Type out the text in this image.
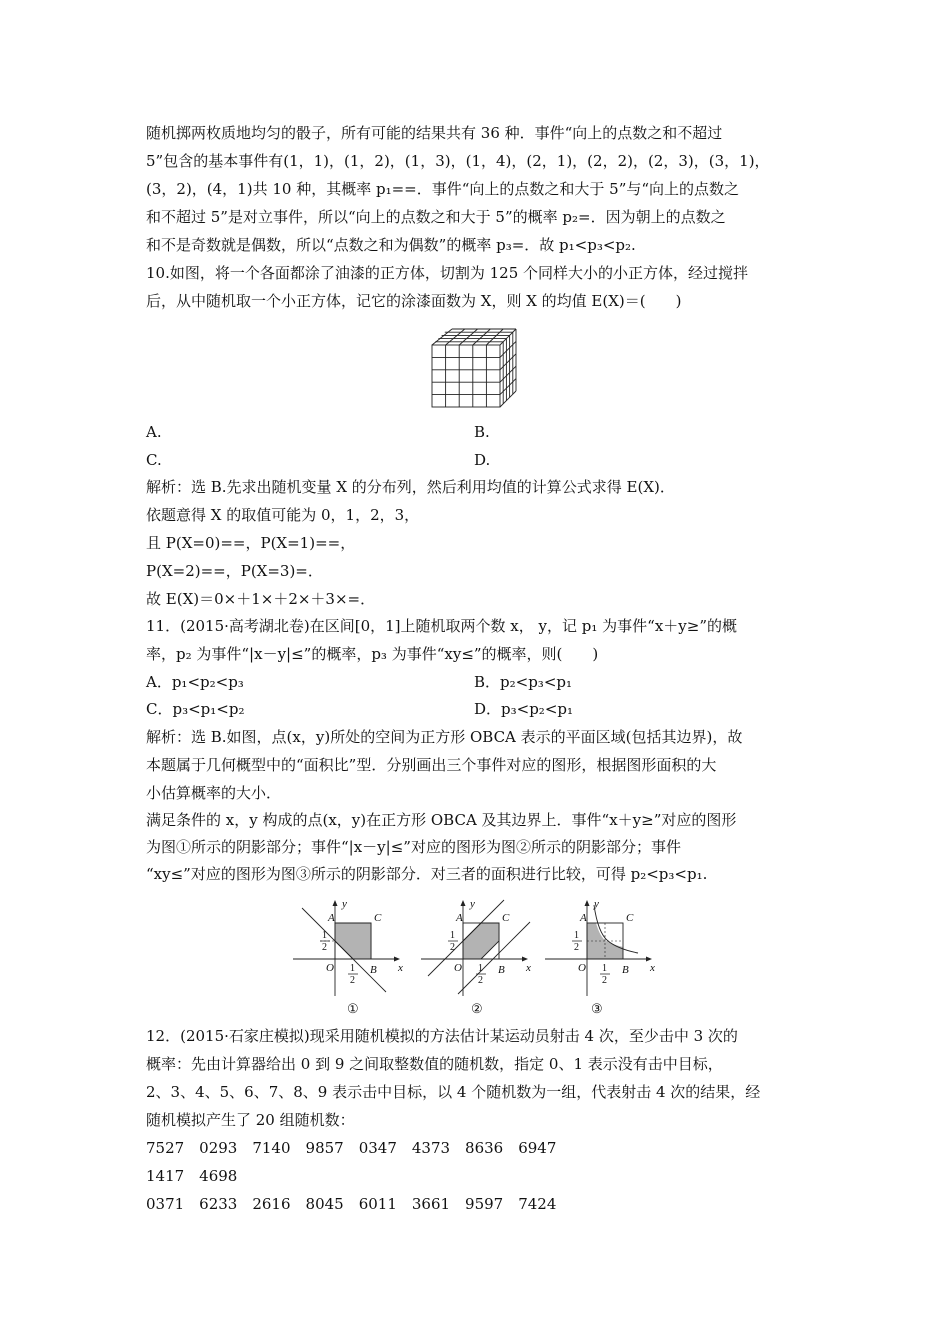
随机掷两枚质地均匀的骰子，所有可能的结果共有 36 种．事件“向上的点数之和不超过
5”包含的基本事件有(1，1)，(1，2)，(1，3)，(1，4)，(2，1)，(2，2)，(2，3)，(3，1)，
(3，2)，(4，1)共 10 种，其概率 p₁==．事件“向上的点数之和大于 5”与“向上的点数之
和不超过 5”是对立事件，所以“向上的点数之和大于 5”的概率 p₂=．因为朝上的点数之
和不是奇数就是偶数，所以“点数之和为偶数”的概率 p₃=．故 p₁<p₃<p₂.
10.如图，将一个各面都涂了油漆的正方体，切割为 125 个同样大小的小正方体，经过搅拌
后，从中随机取一个小正方体，记它的涂漆面数为 X，则 X 的均值 E(X)＝(　　)
A.	B.
C.	D.
解析：选 B.先求出随机变量 X 的分布列，然后利用均值的计算公式求得 E(X)．
依题意得 X 的取值可能为 0，1，2，3，
且 P(X=0)==，P(X=1)==，
P(X=2)==，P(X=3)=．
故 E(X)＝0×＋1×＋2×＋3×=．
11．(2015·高考湖北卷)在区间[0，1]上随机取两个数 x， y，记 p₁ 为事件“x＋y≥”的概
率，p₂ 为事件“|x－y|≤”的概率，p₃ 为事件“xy≤”的概率，则(　　)
A．p₁<p₂<p₃	B．p₂<p₃<p₁
C．p₃<p₁<p₂	D．p₃<p₂<p₁
解析：选 B.如图，点(x，y)所处的空间为正方形 OBCA 表示的平面区域(包括其边界)，故
本题属于几何概型中的“面积比”型．分别画出三个事件对应的图形，根据图形面积的大
小估算概率的大小．
满足条件的 x，y 构成的点(x，y)在正方形 OBCA 及其边界上．事件“x＋y≥”对应的图形
为图①所示的阴影部分；事件“|x－y|≤”对应的图形为图②所示的阴影部分；事件
“xy≤”对应的图形为图③所示的阴影部分．对三者的面积进行比较，可得 p₂<p₃<p₁.
A	C
y
x
O	B
1
2
1
2
A	C
y
x
O	B
1
2
1
2
A	C
y
x
O	B
1
2
1
2
①	②	③
12．(2015·石家庄模拟)现采用随机模拟的方法估计某运动员射击 4 次，至少击中 3 次的
概率：先由计算器给出 0 到 9 之间取整数值的随机数，指定 0、1 表示没有击中目标，
2、3、4、5、6、7、8、9 表示击中目标，以 4 个随机数为一组，代表射击 4 次的结果，经
随机模拟产生了 20 组随机数：
7527　0293　7140　9857　0347　4373　8636　6947
1417　4698
0371　6233　2616　8045　6011　3661　9597　7424
